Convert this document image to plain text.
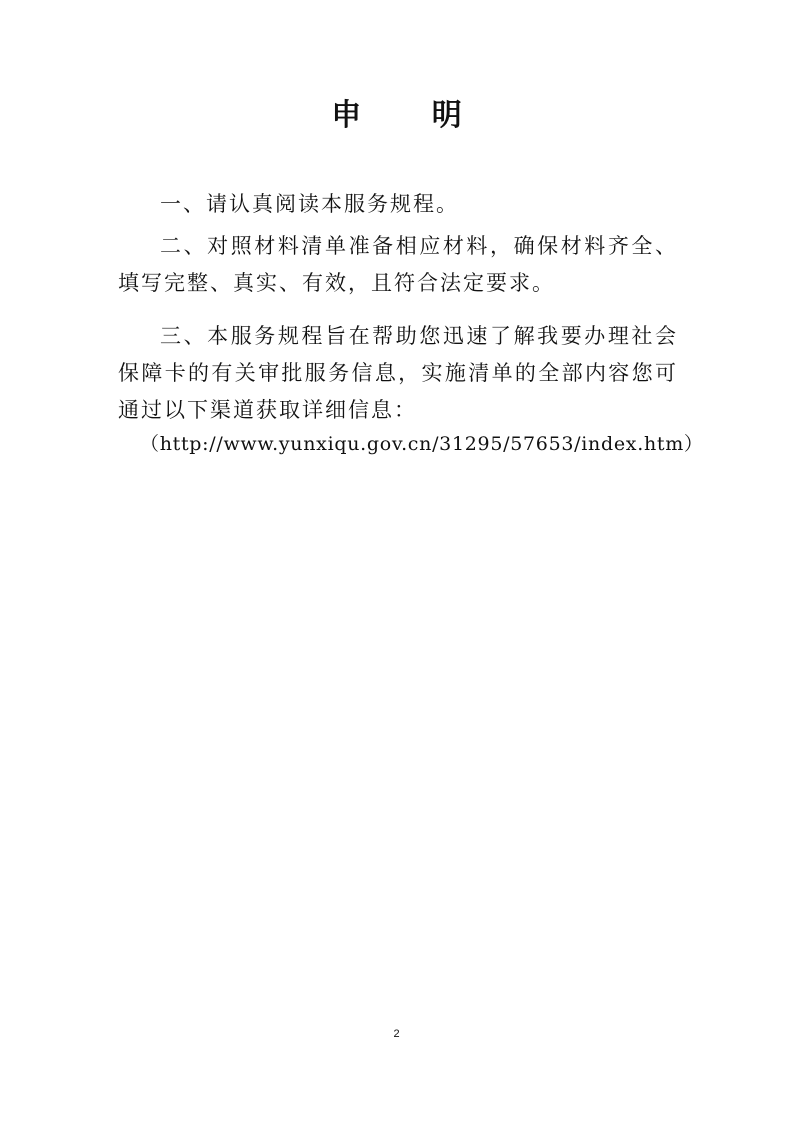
申 明
一、请认真阅读本服务规程。
二、对照材料清单准备相应材料，确保材料齐全、填写完整、真实、有效，且符合法定要求。
三、本服务规程旨在帮助您迅速了解我要办理社会保障卡的有关审批服务信息，实施清单的全部内容您可通过以下渠道获取详细信息：
（http://www.yunxiqu.gov.cn/31295/57653/index.htm）
2
